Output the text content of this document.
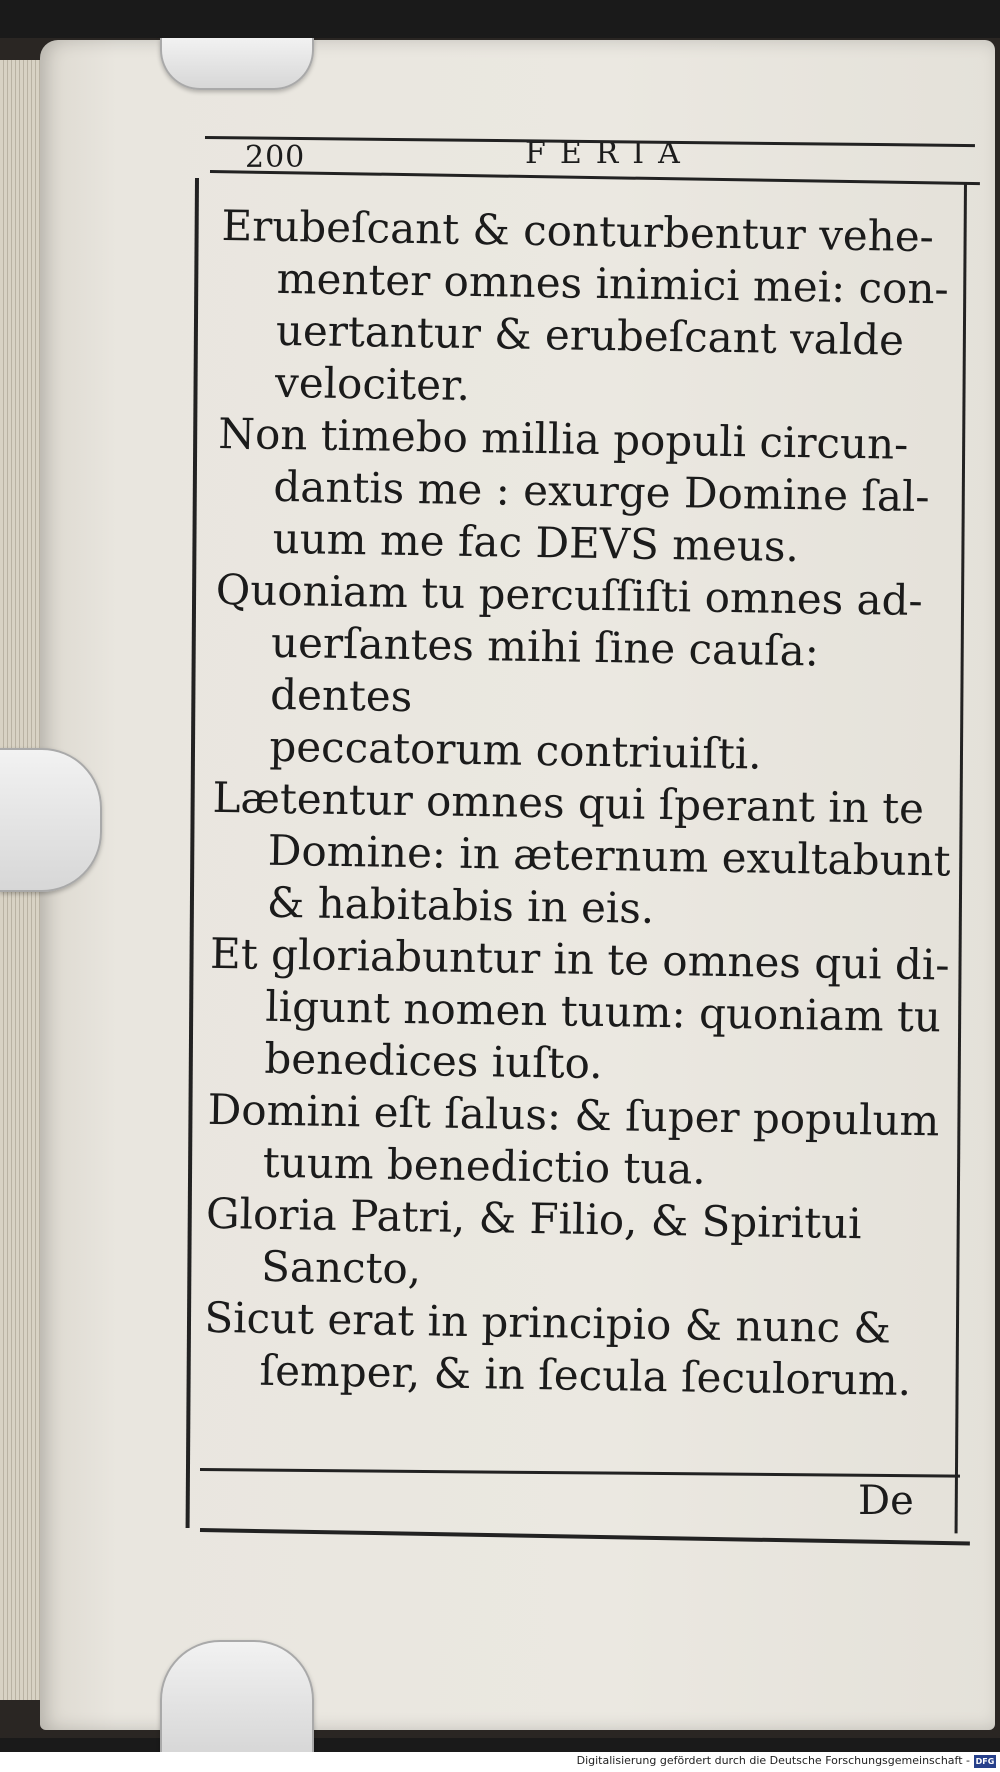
200	FERIA

Erubeſcant & conturbentur vehe-
menter omnes inimici mei: con-
uertantur & erubeſcant valde
velociter.

Non timebo millia populi circun-
dantis me : exurge Domine ſal-
uum me fac DEVS meus.

Quoniam tu percuſſiſti omnes ad-
uerſantes mihi ſine cauſa: dentes
peccatorum contriuiſti.

Lætentur omnes qui ſperant in te
Domine: in æternum exultabunt
& habitabis in eis.

Et gloriabuntur in te omnes qui di-
ligunt nomen tuum: quoniam tu
benedices iuſto.

Domini eſt ſalus: & ſuper populum
tuum benedictio tua.

Gloria Patri, & Filio, & Spiritui
Sancto,

Sicut erat in principio & nunc &
ſemper, & in ſecula ſeculorum.

De
Digitalisierung gefördert durch die Deutsche Forschungsgemeinschaft - DFG
